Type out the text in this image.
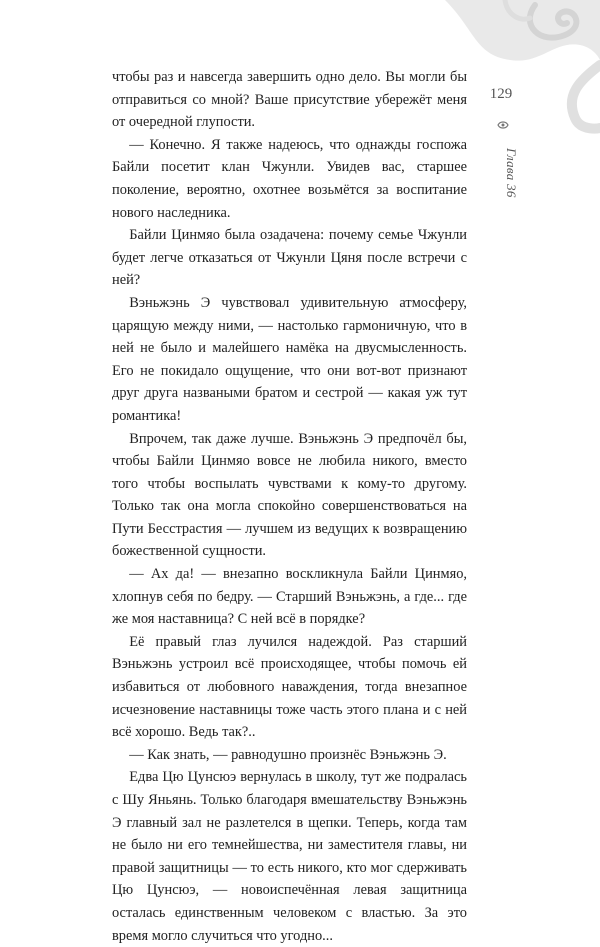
129
Глава 36

чтобы раз и навсегда завершить одно дело. Вы могли бы отправиться со мной? Ваше присутствие убережёт меня от очередной глупости.

— Конечно. Я также надеюсь, что однажды госпожа Байли посетит клан Чжунли. Увидев вас, старшее поколение, вероятно, охотнее возьмётся за воспитание нового наследника.

Байли Цинмяо была озадачена: почему семье Чжунли будет легче отказаться от Чжунли Цяня после встречи с ней?

Вэньжэнь Э чувствовал удивительную атмосферу, царящую между ними, — настолько гармоничную, что в ней не было и малейшего намёка на двусмысленность. Его не покидало ощущение, что они вот-вот признают друг друга назваными братом и сестрой — какая уж тут романтика!

Впрочем, так даже лучше. Вэньжэнь Э предпочёл бы, чтобы Байли Цинмяо вовсе не любила никого, вместо того чтобы воспылать чувствами к кому-то другому. Только так она могла спокойно совершенствоваться на Пути Бесстрастия — лучшем из ведущих к возвращению божественной сущности.

— Ах да! — внезапно воскликнула Байли Цинмяо, хлопнув себя по бедру. — Старший Вэньжэнь, а где... где же моя наставница? С ней всё в порядке?

Её правый глаз лучился надеждой. Раз старший Вэньжэнь устроил всё происходящее, чтобы помочь ей избавиться от любовного наваждения, тогда внезапное исчезновение наставницы тоже часть этого плана и с ней всё хорошо. Ведь так?..

— Как знать, — равнодушно произнёс Вэньжэнь Э.

Едва Цю Цунсюэ вернулась в школу, тут же подралась с Шу Яньянь. Только благодаря вмешательству Вэньжэнь Э главный зал не разлетелся в щепки. Теперь, когда там не было ни его темнейшества, ни заместителя главы, ни правой защитницы — то есть никого, кто мог сдерживать Цю Цунсюэ, — новоиспечённая левая защитница осталась единственным человеком с властью. За это время могло случиться что угодно...
